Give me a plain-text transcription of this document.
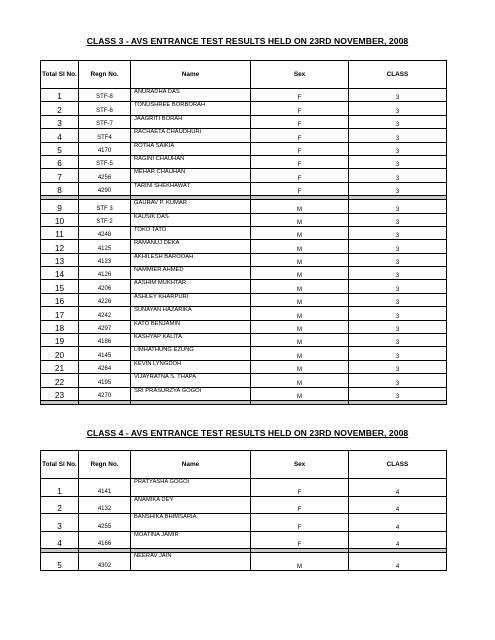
CLASS 3 - AVS ENTRANCE TEST RESULTS HELD ON 23RD NOVEMBER, 2008
Total Sl No.	Regn No.	Name	Sex	CLASS
1	STF-8	ANURADHA DAS	F	3
2	STF-6	TONUSHREE BORBORAH	F	3
3	STF-7	JAAGRITI BORAH	F	3
4	STF4	RACHAETA CHAUDHURI	F	3
5	4170	ROTHA SAIKIA	F	3
6	STF-5	RAGINI CHAUHAN	F	3
7	4256	MEHAR CHAUHAN	F	3
8	4290	TARINI SHEKHAWAT	F	3

9	STF 3	GAURAV P. KUMAR	M	3
10	STF 2	KAUSIK DAS	M	3
11	4248	TOKO TATO	M	3
12	4125	RAMANUJ DEKA	M	3
13	4123	AKHILESH BAROOAH	M	3
14	4126	NAMMIER AHMED	M	3
15	4206	AASHIM MUKHTAR	M	3
16	4226	ASHLEY KHARPURI	M	3
17	4242	SUNAYAN HAZARIKA	M	3
18	4297	KATO BENJAMIN	M	3
19	4186	KASHYAP KALITA	M	3
20	4145	LIMHATHUNG EZUNG	M	3
21	4264	KEVIN LYNGDOH	M	3
22	4195	VIJAYRATNA S. THAPA	M	3
23	4270	SRI PRASURZYA GOGOI	M	3

CLASS 4 - AVS ENTRANCE TEST RESULTS HELD ON 23RD NOVEMBER, 2008
Total Sl No.	Regn No.	Name	Sex	CLASS
1	4141	PRATYASHA GOGOI	F	4
2	4132	ANAMIKA DEY	F	4
3	4255	BANSHIKA BHIMSARIA	F	4
4	4166	MOATINA JAMIR	F	4

5	4302	NEERAV JAIN	M	4
